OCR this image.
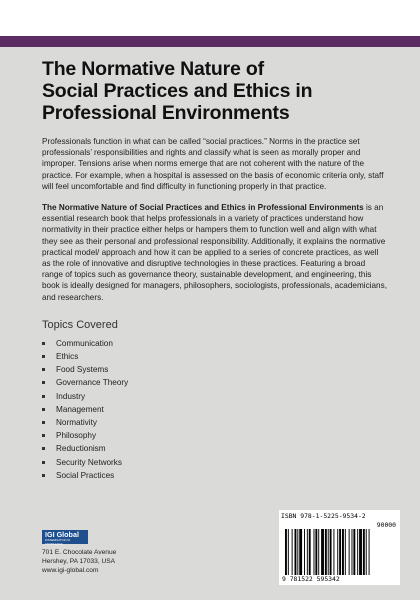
The Normative Nature of
Social Practices and Ethics in
Professional Environments

Professionals function in what can be called “social practices.” Norms in the practice set professionals’ responsibilities and rights and classify what is seen as morally proper and improper. Tensions arise when norms emerge that are not coherent with the nature of the practice. For example, when a hospital is assessed on the basis of economic criteria only, staff will feel uncomfortable and find difficulty in functioning properly in that practice.

The Normative Nature of Social Practices and Ethics in Professional Environments is an essential research book that helps professionals in a variety of practices understand how normativity in their practice either helps or hampers them to function well and align with what they see as their personal and professional responsibility. Additionally, it explains the normative practical model/ approach and how it can be applied to a series of concrete practices, as well as the role of innovative and disruptive technologies in these practices. Featuring a broad range of topics such as governance theory, sustainable development, and engineering, this book is ideally designed for managers, philosophers, sociologists, professionals, academicians, and researchers.

Topics Covered
Communication
Ethics
Food Systems
Governance Theory
Industry
Management
Normativity
Philosophy
Reductionism
Security Networks
Social Practices
IGI Global
DISSEMINATOR OF KNOWLEDGE
701 E. Chocolate Avenue
Hershey, PA 17033, USA
www.igi-global.com
ISBN 978-1-5225-9534-2
90000
9 781522 595342
